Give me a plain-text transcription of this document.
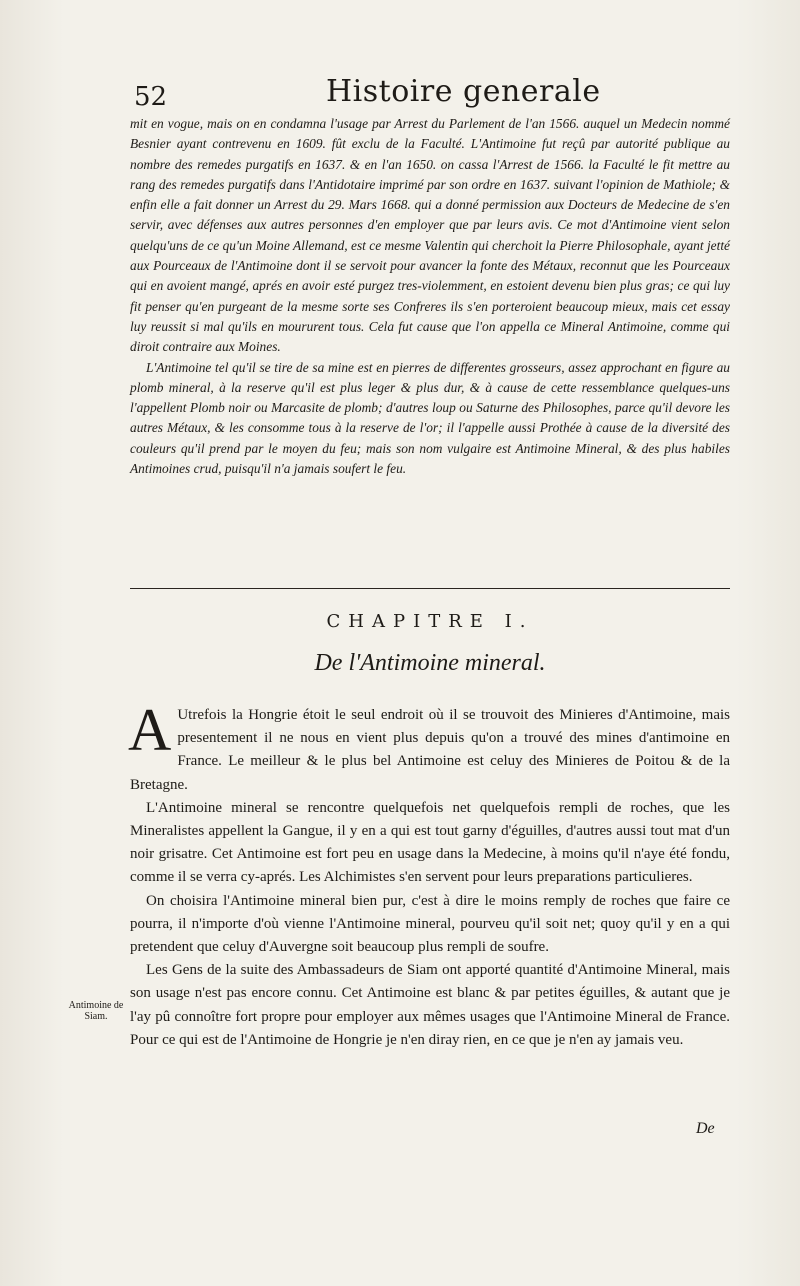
52	Histoire generale

mit en vogue, mais on en condamna l'usage par Arrest du Parlement de l'an 1566. auquel un Medecin nommé Besnier ayant contrevenu en 1609. fût exclu de la Faculté. L'Antimoine fut reçû par autorité publique au nombre des remedes purgatifs en 1637. & en l'an 1650. on cassa l'Arrest de 1566. la Faculté le fit mettre au rang des remedes purgatifs dans l'Antidotaire imprimé par son ordre en 1637. suivant l'opinion de Mathiole; & enfin elle a fait donner un Arrest du 29. Mars 1668. qui a donné permission aux Docteurs de Medecine de s'en servir, avec défenses aux autres personnes d'en employer que par leurs avis. Ce mot d'Antimoine vient selon quelqu'uns de ce qu'un Moine Allemand, est ce mesme Valentin qui cherchoit la Pierre Philosophale, ayant jetté aux Pourceaux de l'Antimoine dont il se servoit pour avancer la fonte des Métaux, reconnut que les Pourceaux qui en avoient mangé, aprés en avoir esté purgez tres-violemment, en estoient devenu bien plus gras; ce qui luy fit penser qu'en purgeant de la mesme sorte ses Confreres ils s'en porteroient beaucoup mieux, mais cet essay luy reussit si mal qu'ils en moururent tous. Cela fut cause que l'on appella ce Mineral Antimoine, comme qui diroit contraire aux Moines.

L'Antimoine tel qu'il se tire de sa mine est en pierres de differentes grosseurs, assez approchant en figure au plomb mineral, à la reserve qu'il est plus leger & plus dur, & à cause de cette ressemblance quelques-uns l'appellent Plomb noir ou Marcasite de plomb; d'autres loup ou Saturne des Philosophes, parce qu'il devore les autres Métaux, & les consomme tous à la reserve de l'or; il l'appelle aussi Prothée à cause de la diversité des couleurs qu'il prend par le moyen du feu; mais son nom vulgaire est Antimoine Mineral, & des plus habiles Antimoines crud, puisqu'il n'a jamais soufert le feu.

CHAPITRE I.
De l'Antimoine mineral.

A Utrefois la Hongrie étoit le seul endroit où il se trouvoit des Minieres d'Antimoine, mais presentement il ne nous en vient plus depuis qu'on a trouvé des mines d'antimoine en France. Le meilleur & le plus bel Antimoine est celuy des Minieres de Poitou & de la Bretagne.

L'Antimoine mineral se rencontre quelquefois net quelquefois rempli de roches, que les Mineralistes appellent la Gangue, il y en a qui est tout garny d'éguilles, d'autres aussi tout mat d'un noir grisatre. Cet Antimoine est fort peu en usage dans la Medecine, à moins qu'il n'aye été fondu, comme il se verra cy-aprés. Les Alchimistes s'en servent pour leurs preparations particulieres.

On choisira l'Antimoine mineral bien pur, c'est à dire le moins remply de roches que faire ce pourra, il n'importe d'où vienne l'Antimoine mineral, pourveu qu'il soit net; quoy qu'il y en a qui pretendent que celuy d'Auvergne soit beaucoup plus rempli de soufre.

Les Gens de la suite des Ambassadeurs de Siam ont apporté quantité d'Antimoine Mineral, mais son usage n'est pas encore connu. Cet Antimoine est blanc & par petites éguilles, & autant que je l'ay pû connoître fort propre pour employer aux mêmes usages que l'Antimoine Mineral de France. Pour ce qui est de l'Antimoine de Hongrie je n'en diray rien, en ce que je n'en ay jamais veu.

Antimoine de Siam.
De
